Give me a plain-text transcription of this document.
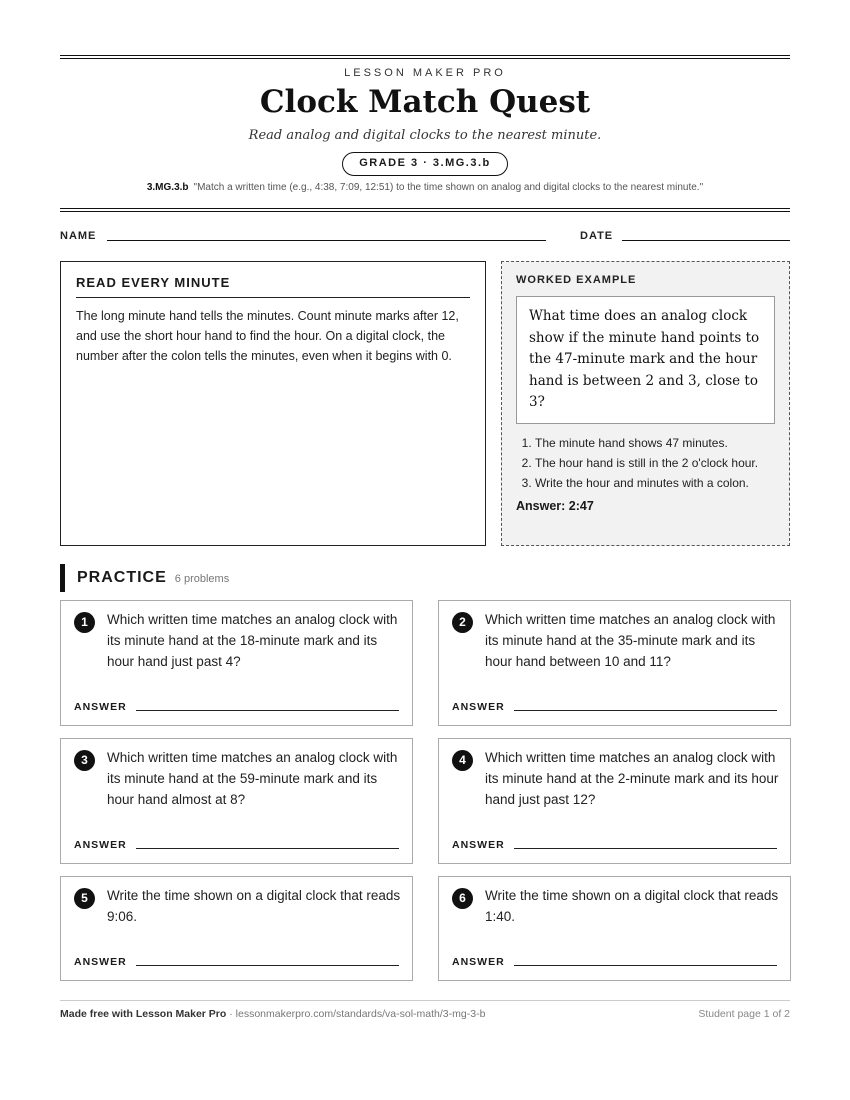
LESSON MAKER PRO
Clock Match Quest
Read analog and digital clocks to the nearest minute.
GRADE 3 · 3.MG.3.b
3.MG.3.b "Match a written time (e.g., 4:38, 7:09, 12:51) to the time shown on analog and digital clocks to the nearest minute."
NAME	DATE
READ EVERY MINUTE

The long minute hand tells the minutes. Count minute marks after 12, and use the short hour hand to find the hour. On a digital clock, the number after the colon tells the minutes, even when it begins with 0.

WORKED EXAMPLE
What time does an analog clock show if the minute hand points to the 47-minute mark and the hour hand is between 2 and 3, close to 3?
1. The minute hand shows 47 minutes.
2. The hour hand is still in the 2 o'clock hour.
3. Write the hour and minutes with a colon.
Answer: 2:47
PRACTICE 6 problems
1	Which written time matches an analog clock with its minute hand at the 18-minute mark and its hour hand just past 4?
ANSWER
2	Which written time matches an analog clock with its minute hand at the 35-minute mark and its hour hand between 10 and 11?
ANSWER
3	Which written time matches an analog clock with its minute hand at the 59-minute mark and its hour hand almost at 8?
ANSWER
4	Which written time matches an analog clock with its minute hand at the 2-minute mark and its hour hand just past 12?
ANSWER
5	Write the time shown on a digital clock that reads 9:06.
ANSWER
6	Write the time shown on a digital clock that reads 1:40.
ANSWER
Made free with Lesson Maker Pro · lessonmakerpro.com/standards/va-sol-math/3-mg-3-b	Student page 1 of 2
